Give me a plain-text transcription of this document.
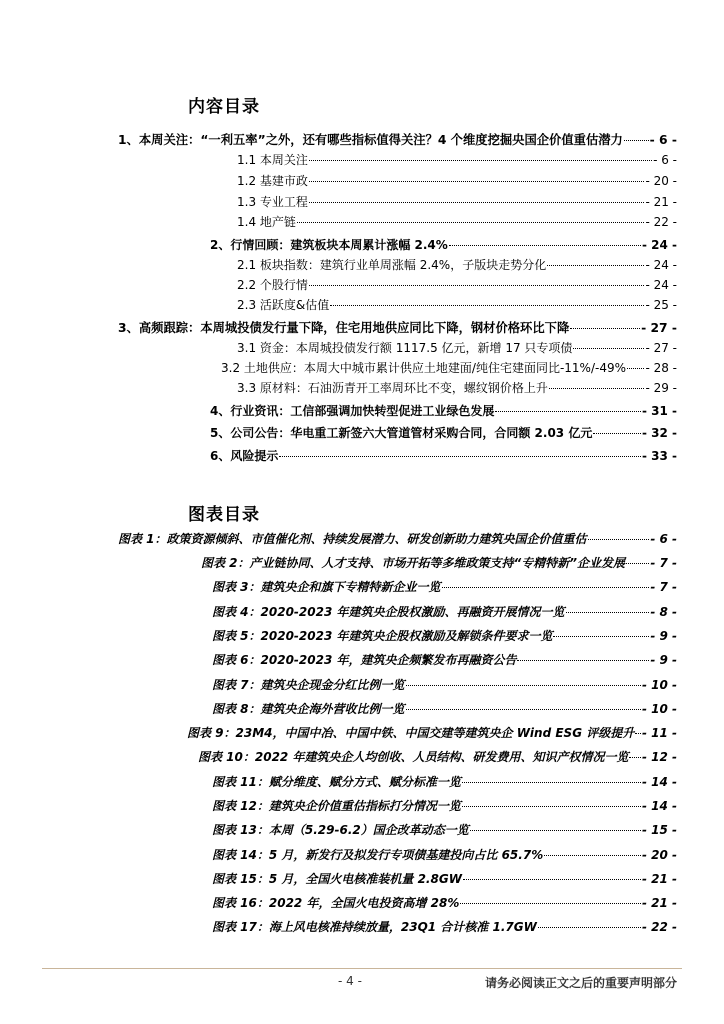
内容目录
1、本周关注：“一利五率”之外，还有哪些指标值得关注？4 个维度挖掘央国企价值重估潜力 - 6 -
1.1 本周关注	- 6 -
1.2 基建市政	- 20 -
1.3 专业工程	- 21 -
1.4 地产链	- 22 -
2、行情回顾：建筑板块本周累计涨幅 2.4%	- 24 -
2.1 板块指数：建筑行业单周涨幅 2.4%，子版块走势分化	- 24 -
2.2 个股行情	- 24 -
2.3 活跃度&估值	- 25 -
3、高频跟踪：本周城投债发行量下降，住宅用地供应同比下降，钢材价格环比下降	- 27 -
3.1 资金：本周城投债发行额 1117.5 亿元，新增 17 只专项债	- 27 -
3.2 土地供应：本周大中城市累计供应土地建面/纯住宅建面同比-11%/-49% - 28 -
3.3 原材料：石油沥青开工率周环比不变，螺纹钢价格上升	- 29 -
4、行业资讯：工信部强调加快转型促进工业绿色发展	- 31 -
5、公司公告：华电重工新签六大管道管材采购合同，合同额 2.03 亿元	- 32 -
6、风险提示	- 33 -
图表目录
图表 1：政策资源倾斜、市值催化剂、持续发展潜力、研发创新助力建筑央国企价值重估	- 6 -
图表 2：产业链协同、人才支持、市场开拓等多维政策支持“专精特新”企业发展 - 7 -
图表 3：建筑央企和旗下专精特新企业一览	- 7 -
图表 4：2020-2023 年建筑央企股权激励、再融资开展情况一览	- 8 -
图表 5：2020-2023 年建筑央企股权激励及解锁条件要求一览	- 9 -
图表 6：2020-2023 年，建筑央企频繁发布再融资公告	- 9 -
图表 7：建筑央企现金分红比例一览	- 10 -
图表 8：建筑央企海外营收比例一览	- 10 -
图表 9：23M4，中国中冶、中国中铁、中国交建等建筑央企 Wind ESG 评级提升 - 11 -
图表 10：2022 年建筑央企人均创收、人员结构、研发费用、知识产权情况一览 - 12 -
图表 11：赋分维度、赋分方式、赋分标准一览	- 14 -
图表 12：建筑央企价值重估指标打分情况一览	- 14 -
图表 13：本周（5.29-6.2）国企改革动态一览	- 15 -
图表 14：5 月，新发行及拟发行专项债基建投向占比 65.7%	- 20 -
图表 15：5 月，全国火电核准装机量 2.8GW	- 21 -
图表 16：2022 年，全国火电投资高增 28%	- 21 -
图表 17：海上风电核准持续放量，23Q1 合计核准 1.7GW	- 22 -
- 4 -	请务必阅读正文之后的重要声明部分
